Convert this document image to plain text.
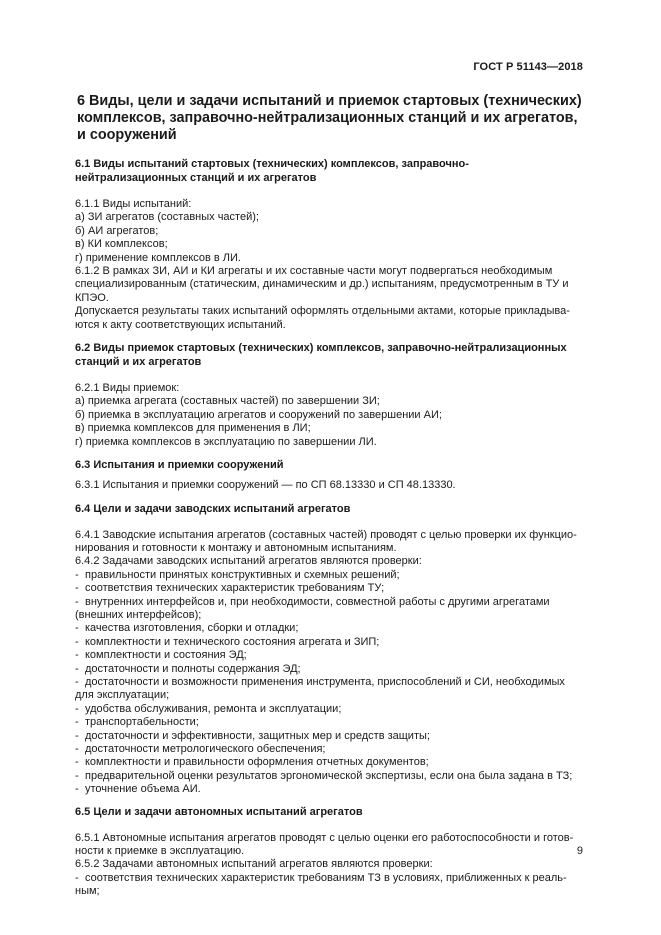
ГОСТ Р 51143—2018
6 Виды, цели и задачи испытаний и приемок стартовых (технических)
комплексов, заправочно-нейтрализационных станций и их агрегатов,
и сооружений
6.1 Виды испытаний стартовых (технических) комплексов, заправочно-
нейтрализационных станций и их агрегатов

6.1.1 Виды испытаний:

а) ЗИ агрегатов (составных частей);

б) АИ агрегатов;

в) КИ комплексов;

г) применение комплексов в ЛИ.

6.1.2 В рамках ЗИ, АИ и КИ агрегаты и их составные части могут подвергаться необходимым

специализированным (статическим, динамическим и др.) испытаниям, предусмотренным в ТУ и КПЭО.

Допускается результаты таких испытаний оформлять отдельными актами, которые прикладыва-

ются к акту соответствующих испытаний.

6.2 Виды приемок стартовых (технических) комплексов, заправочно-нейтрализационных
станций и их агрегатов

6.2.1 Виды приемок:

а) приемка агрегата (составных частей) по завершении ЗИ;

б) приемка в эксплуатацию агрегатов и сооружений по завершении АИ;

в) приемка комплексов для применения в ЛИ;

г) приемка комплексов в эксплуатацию по завершении ЛИ.

6.3 Испытания и приемки сооружений

6.3.1 Испытания и приемки сооружений — по СП 68.13330 и СП 48.13330.

6.4 Цели и задачи заводских испытаний агрегатов

6.4.1 Заводские испытания агрегатов (составных частей) проводят с целью проверки их функцио-

нирования и готовности к монтажу и автономным испытаниям.

6.4.2 Задачами заводских испытаний агрегатов являются проверки:

- правильности принятых конструктивных и схемных решений;

- соответствия технических характеристик требованиям ТУ;

- внутренних интерфейсов и, при необходимости, совместной работы с другими агрегатами

(внешних интерфейсов);

- качества изготовления, сборки и отладки;

- комплектности и технического состояния агрегата и ЗИП;

- комплектности и состояния ЭД;

- достаточности и полноты содержания ЭД;

- достаточности и возможности применения инструмента, приспособлений и СИ, необходимых

для эксплуатации;

- удобства обслуживания, ремонта и эксплуатации;

- транспортабельности;

- достаточности и эффективности, защитных мер и средств защиты;

- достаточности метрологического обеспечения;

- комплектности и правильности оформления отчетных документов;

- предварительной оценки результатов эргономической экспертизы, если она была задана в ТЗ;

- уточнение объема АИ.

6.5 Цели и задачи автономных испытаний агрегатов

6.5.1 Автономные испытания агрегатов проводят с целью оценки его работоспособности и готов-

ности к приемке в эксплуатацию.

6.5.2 Задачами автономных испытаний агрегатов являются проверки:

- соответствия технических характеристик требованиям ТЗ в условиях, приближенных к реаль-

ным;

9
